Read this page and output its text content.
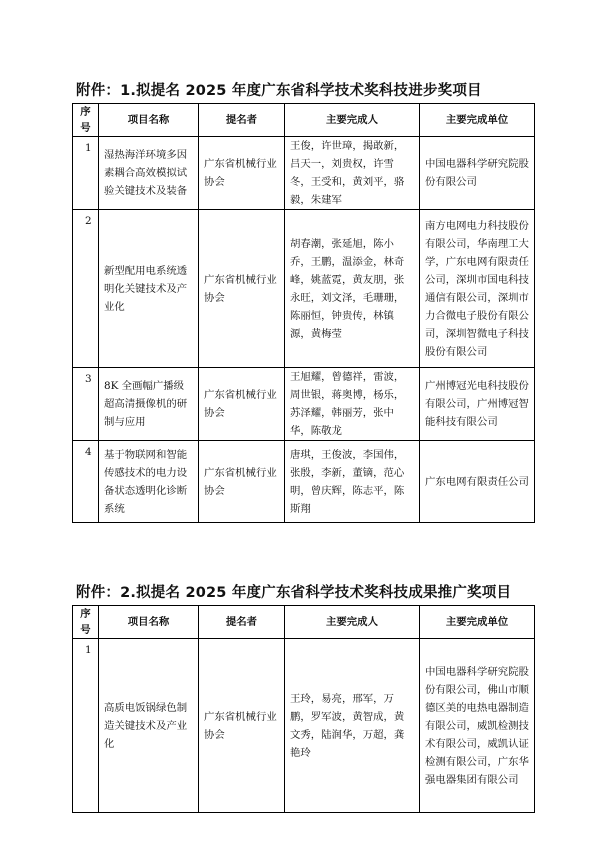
附件：1.拟提名 2025 年度广东省科学技术奖科技进步奖项目
序号	项目名称	提名者	主要完成人	主要完成单位
1	湿热海洋环境多因素耦合高效模拟试验关键技术及装备	广东省机械行业协会	王俊，许世璋，揭敢新，吕天一，刘贵权，许雪冬，王受和，黄刘平，骆毅，朱建军	中国电器科学研究院股份有限公司
2	新型配用电系统透明化关键技术及产业化	广东省机械行业协会	胡春潮，张延旭，陈小乔，王鹏，温添金，林奇峰，姚蓝霓，黄友朋，张永旺，刘文泽，毛珊珊，陈丽恒，钟贵传，林镇源，黄梅莹	南方电网电力科技股份有限公司，华南理工大学，广东电网有限责任公司，深圳市国电科技通信有限公司，深圳市力合微电子股份有限公司，深圳智微电子科技股份有限公司
3	8K 全画幅广播级超高清摄像机的研制与应用	广东省机械行业协会	王旭耀，曾德祥，雷波，周世银，蒋奥博，杨乐，苏泽耀，韩丽芳，张中华，陈敬龙	广州博冠光电科技股份有限公司，广州博冠智能科技有限公司
4	基于物联网和智能传感技术的电力设备状态透明化诊断系统	广东省机械行业协会	唐琪，王俊波，李国伟，张殷，李新，董镝，范心明，曾庆辉，陈志平，陈斯翔	广东电网有限责任公司
附件：2.拟提名 2025 年度广东省科学技术奖科技成果推广奖项目
序号	项目名称	提名者	主要完成人	主要完成单位
1	高质电饭锅绿色制造关键技术及产业化	广东省机械行业协会	王玲，易亮，邢军，万鹏，罗军波，黄智成，黄文秀，陆润华，万超，龚艳玲	中国电器科学研究院股份有限公司，佛山市顺德区美的电热电器制造有限公司，威凯检测技术有限公司，威凯认证检测有限公司，广东华强电器集团有限公司
